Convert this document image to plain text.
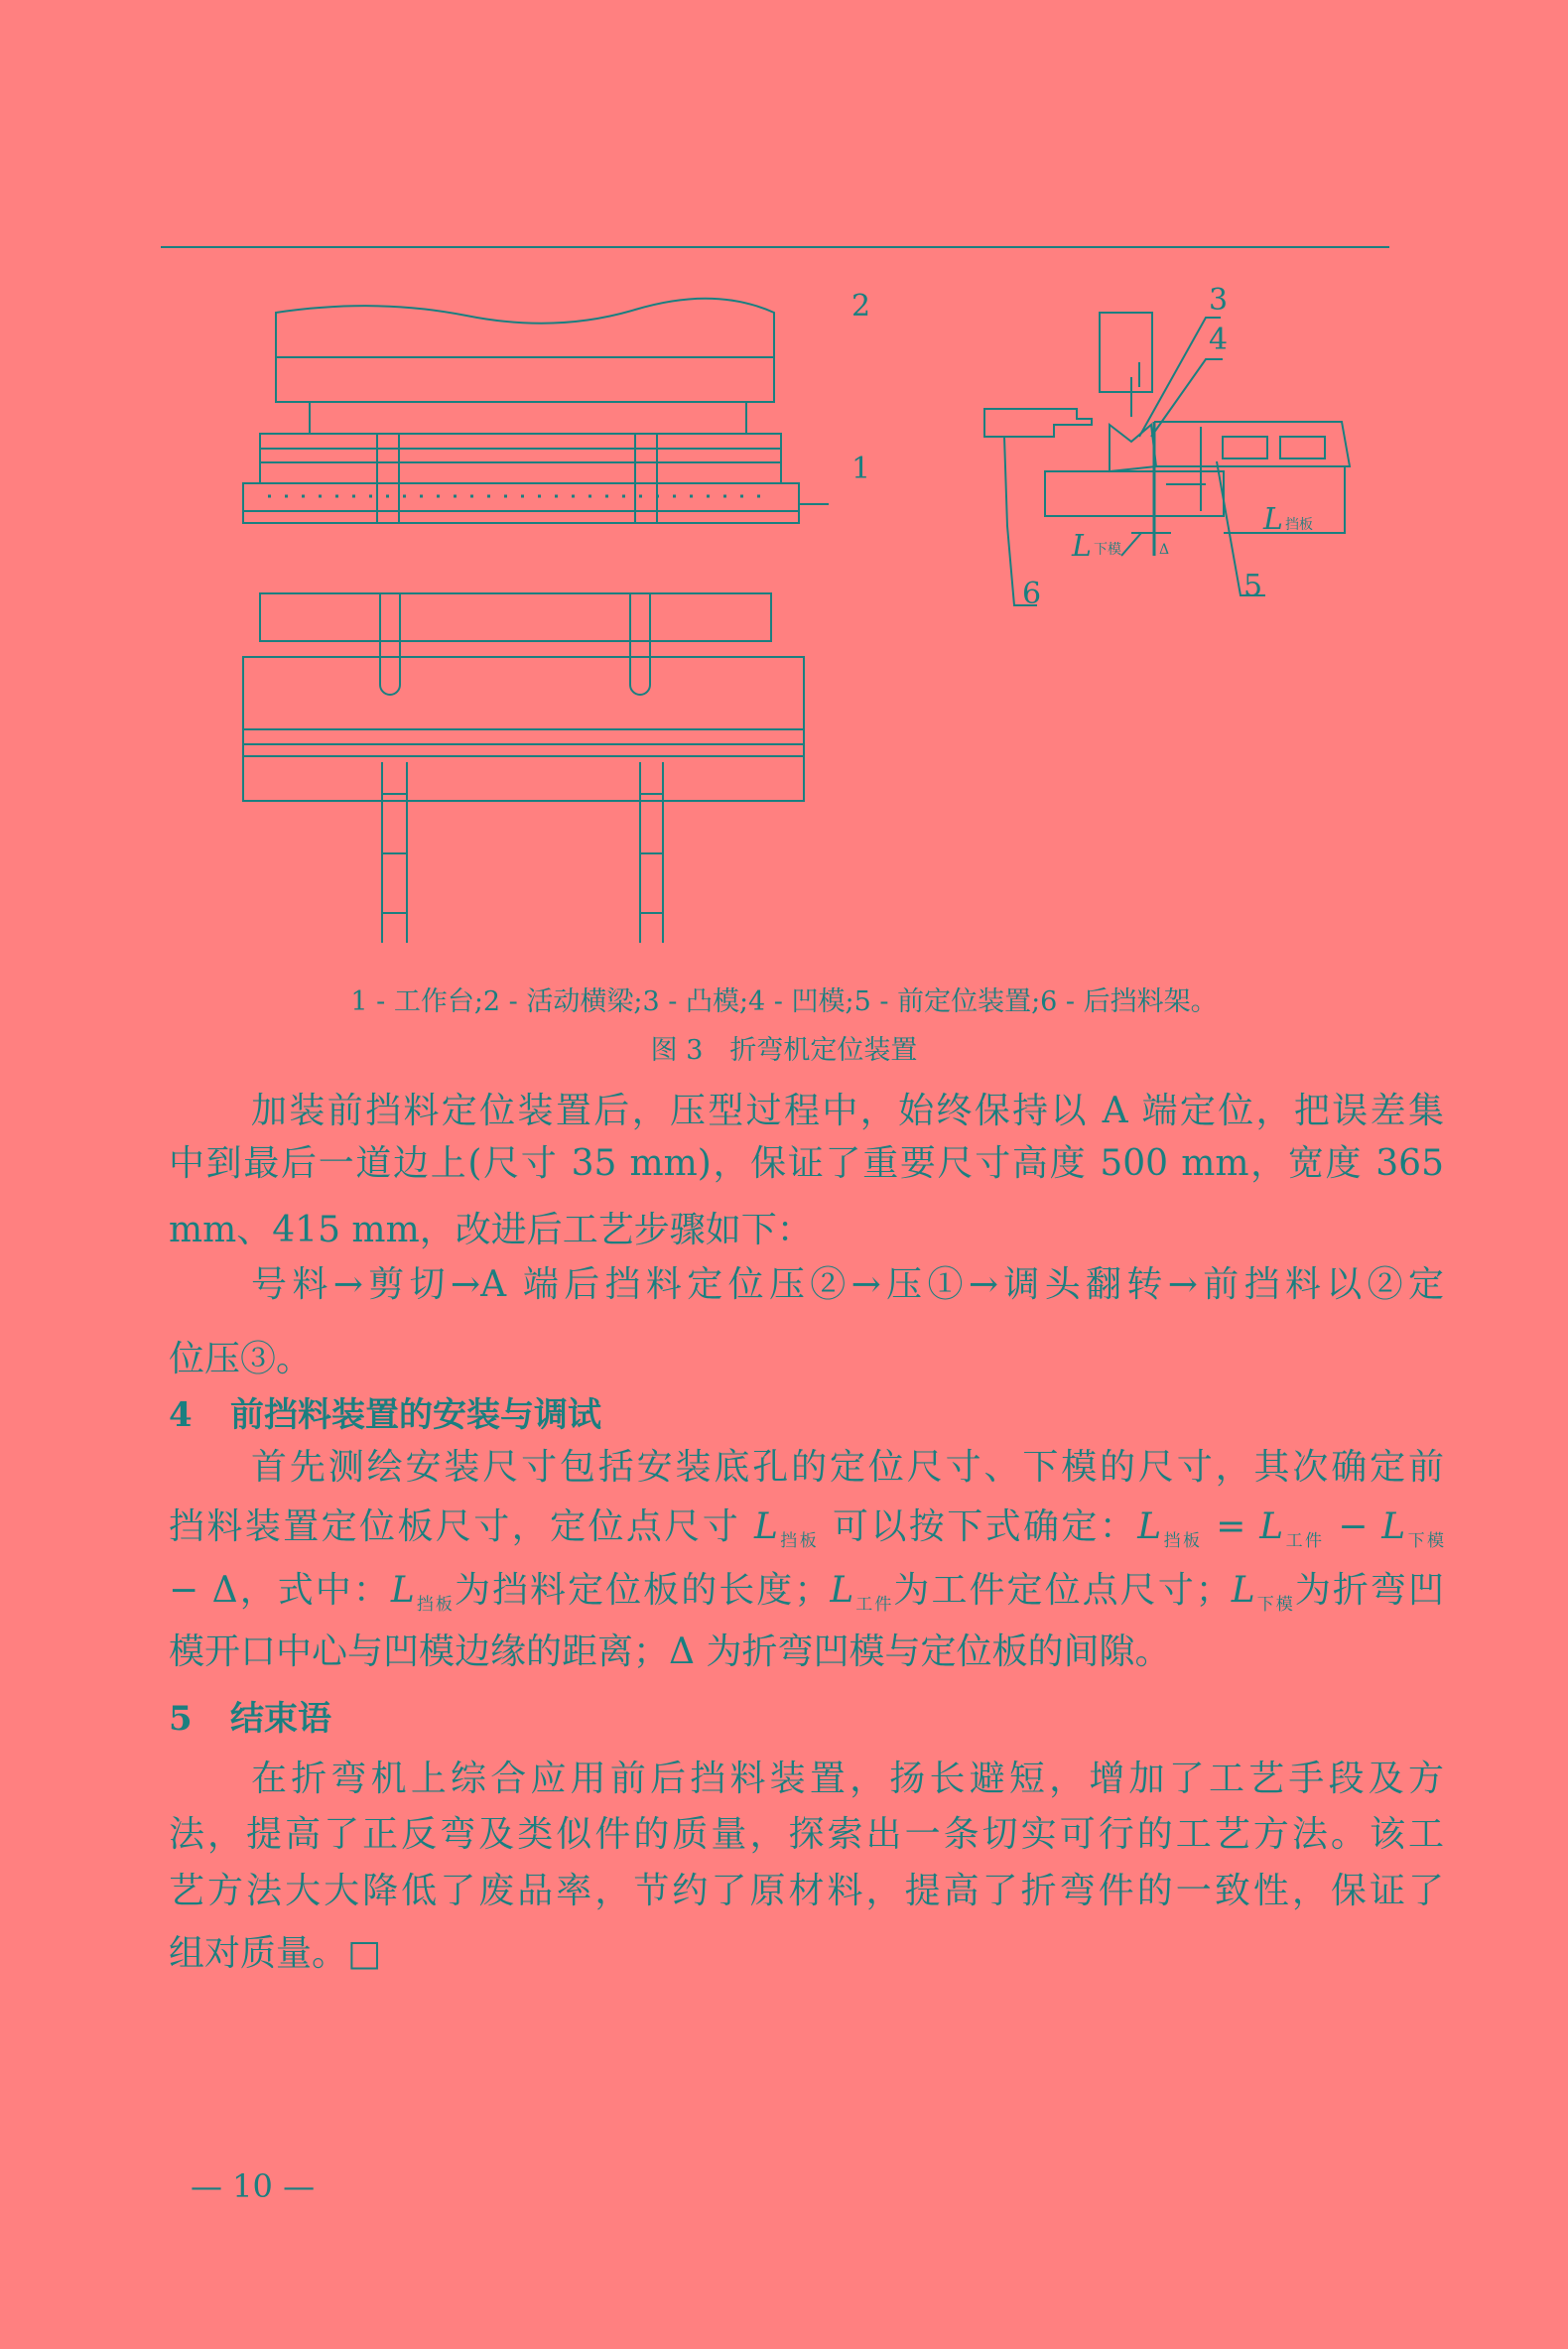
2
1
3
4
5
6
L 挡板
L 下模	Δ
1 - 工作台;2 - 活动横梁;3 - 凸模;4 - 凹模;5 - 前定位装置;6 - 后挡料架。
图 3　折弯机定位装置
加装前挡料定位装置后，压型过程中，始终保持以 A 端定位，把误差集
中到最后一道边上(尺寸 35 mm)，保证了重要尺寸高度 500 mm，宽度 365
mm、415 mm，改进后工艺步骤如下：
号料→剪切→A 端后挡料定位压②→压①→调头翻转→前挡料以②定
位压③。
4 前挡料装置的安装与调试
首先测绘安装尺寸包括安装底孔的定位尺寸、下模的尺寸，其次确定前
挡料装置定位板尺寸，定位点尺寸 $L_{挡板}$ 可以按下式确定：$L_{挡板} = L_{工件} - L_{下模}$
− Δ，式中：$L_{挡板}$为挡料定位板的长度；$L_{工件}$为工件定位点尺寸；$L_{下模}$为折弯凹
模开口中心与凹模边缘的距离；Δ 为折弯凹模与定位板的间隙。
5 结束语
在折弯机上综合应用前后挡料装置，扬长避短，增加了工艺手段及方
法，提高了正反弯及类似件的质量，探索出一条切实可行的工艺方法。该工
艺方法大大降低了废品率，节约了原材料，提高了折弯件的一致性，保证了
组对质量。□
— 10 —
